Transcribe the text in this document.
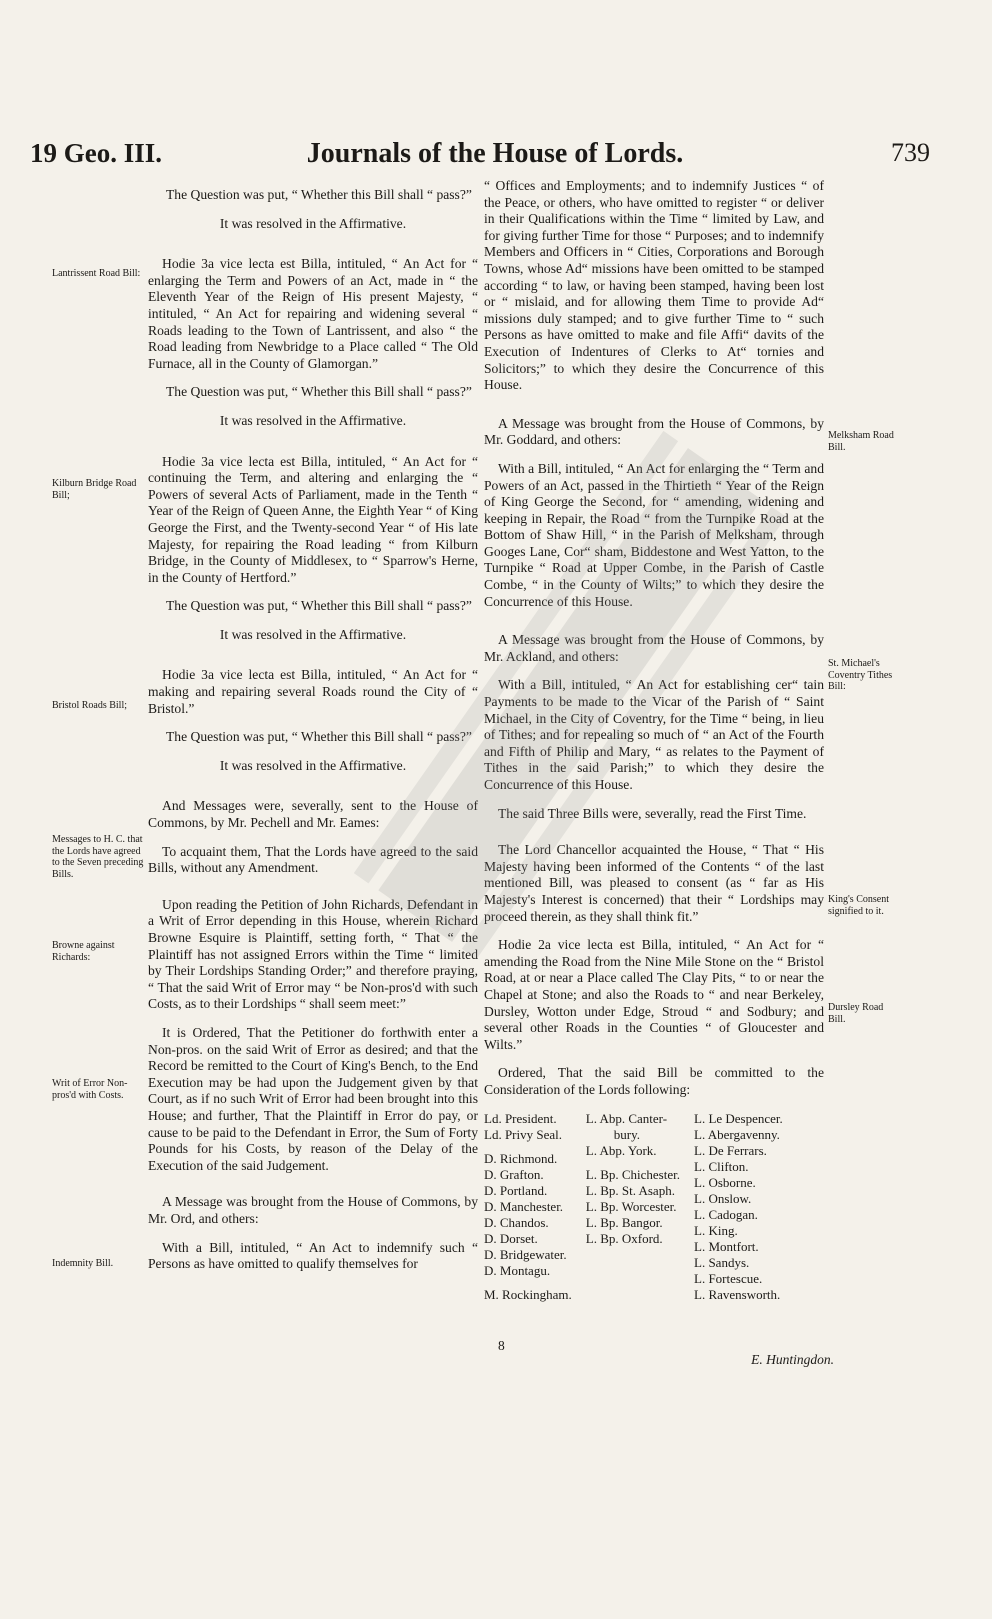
19 Geo. III.	Journals of the House of Lords.	739
Lantrissent Road Bill:
Kilburn Bridge Road Bill;
Bristol Roads Bill;
Messages to H. C. that the Lords have agreed to the Seven preceding Bills.
Browne against Richards:
Writ of Error Non-pros'd with Costs.
Indemnity Bill.
Melksham Road Bill.
St. Michael's Coventry Tithes Bill:
King's Consent signified to it.
Dursley Road Bill.

The Question was put, “ Whether this Bill shall “ pass?”

It was resolved in the Affirmative.

Hodie 3a vice lecta est Billa, intituled, “ An Act for “ enlarging the Term and Powers of an Act, made in “ the Eleventh Year of the Reign of His present Majesty, “ intituled, “ An Act for repairing and widening several “ Roads leading to the Town of Lantrissent, and also “ the Road leading from Newbridge to a Place called “ The Old Furnace, all in the County of Glamorgan.”

The Question was put, “ Whether this Bill shall “ pass?”

It was resolved in the Affirmative.

Hodie 3a vice lecta est Billa, intituled, “ An Act for “ continuing the Term, and altering and enlarging the “ Powers of several Acts of Parliament, made in the Tenth “ Year of the Reign of Queen Anne, the Eighth Year “ of King George the First, and the Twenty-second Year “ of His late Majesty, for repairing the Road leading “ from Kilburn Bridge, in the County of Middlesex, to “ Sparrow's Herne, in the County of Hertford.”

The Question was put, “ Whether this Bill shall “ pass?”

It was resolved in the Affirmative.

Hodie 3a vice lecta est Billa, intituled, “ An Act for “ making and repairing several Roads round the City of “ Bristol.”

The Question was put, “ Whether this Bill shall “ pass?”

It was resolved in the Affirmative.

And Messages were, severally, sent to the House of Commons, by Mr. Pechell and Mr. Eames:

To acquaint them, That the Lords have agreed to the said Bills, without any Amendment.

Upon reading the Petition of John Richards, Defendant in a Writ of Error depending in this House, wherein Richard Browne Esquire is Plaintiff, setting forth, “ That “ the Plaintiff has not assigned Errors within the Time “ limited by Their Lordships Standing Order;” and therefore praying, “ That the said Writ of Error may “ be Non-pros'd with such Costs, as to their Lordships “ shall seem meet:”

It is Ordered, That the Petitioner do forthwith enter a Non-pros. on the said Writ of Error as desired; and that the Record be remitted to the Court of King's Bench, to the End Execution may be had upon the Judgement given by that Court, as if no such Writ of Error had been brought into this House; and further, That the Plaintiff in Error do pay, or cause to be paid to the Defendant in Error, the Sum of Forty Pounds for his Costs, by reason of the Delay of the Execution of the said Judgement.

A Message was brought from the House of Commons, by Mr. Ord, and others:

With a Bill, intituled, “ An Act to indemnify such “ Persons as have omitted to qualify themselves for

“ Offices and Employments; and to indemnify Justices “ of the Peace, or others, who have omitted to register “ or deliver in their Qualifications within the Time “ limited by Law, and for giving further Time for those “ Purposes; and to indemnify Members and Officers in “ Cities, Corporations and Borough Towns, whose Ad“ missions have been omitted to be stamped according “ to law, or having been stamped, having been lost or “ mislaid, and for allowing them Time to provide Ad“ missions duly stamped; and to give further Time to “ such Persons as have omitted to make and file Affi“ davits of the Execution of Indentures of Clerks to At“ tornies and Solicitors;” to which they desire the Concurrence of this House.

A Message was brought from the House of Commons, by Mr. Goddard, and others:

With a Bill, intituled, “ An Act for enlarging the “ Term and Powers of an Act, passed in the Thirtieth “ Year of the Reign of King George the Second, for “ amending, widening and keeping in Repair, the Road “ from the Turnpike Road at the Bottom of Shaw Hill, “ in the Parish of Melksham, through Googes Lane, Cor“ sham, Biddestone and West Yatton, to the Turnpike “ Road at Upper Combe, in the Parish of Castle Combe, “ in the County of Wilts;” to which they desire the Concurrence of this House.

A Message was brought from the House of Commons, by Mr. Ackland, and others:

With a Bill, intituled, “ An Act for establishing cer“ tain Payments to be made to the Vicar of the Parish of “ Saint Michael, in the City of Coventry, for the Time “ being, in lieu of Tithes; and for repealing so much of “ an Act of the Fourth and Fifth of Philip and Mary, “ as relates to the Payment of Tithes in the said Parish;” to which they desire the Concurrence of this House.

The said Three Bills were, severally, read the First Time.

The Lord Chancellor acquainted the House, “ That “ His Majesty having been informed of the Contents “ of the last mentioned Bill, was pleased to consent (as “ far as His Majesty's Interest is concerned) that their “ Lordships may proceed therein, as they shall think fit.”

Hodie 2a vice lecta est Billa, intituled, “ An Act for “ amending the Road from the Nine Mile Stone on the “ Bristol Road, at or near a Place called The Clay Pits, “ to or near the Chapel at Stone; and also the Roads to “ and near Berkeley, Dursley, Wotton under Edge, Stroud “ and Sodbury; and several other Roads in the Counties “ of Gloucester and Wilts.”

Ordered, That the said Bill be committed to the Consideration of the Lords following:

Ld. President.
Ld. Privy Seal.
D. Richmond.
D. Grafton.
D. Portland.
D. Manchester.
D. Chandos.
D. Dorset.
D. Bridgewater.
D. Montagu.
M. Rockingham.
L. Abp. Canter-
bury.
L. Abp. York.
L. Bp. Chichester.
L. Bp. St. Asaph.
L. Bp. Worcester.
L. Bp. Bangor.
L. Bp. Oxford.
L. Le Despencer.
L. Abergavenny.
L. De Ferrars.
L. Clifton.
L. Osborne.
L. Onslow.
L. Cadogan.
L. King.
L. Montfort.
L. Sandys.
L. Fortescue.
L. Ravensworth.
8
E. Huntingdon.
